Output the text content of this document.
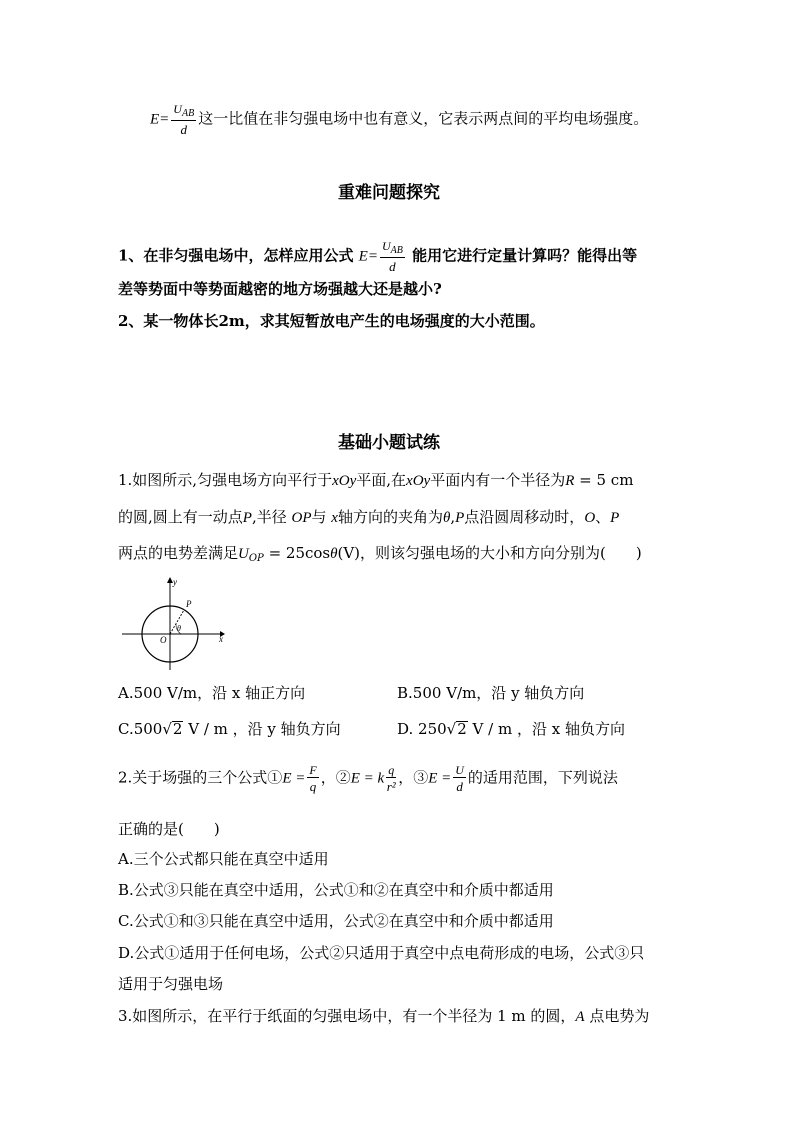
$E= \frac{U_{AB}}{d}$ 这一比值在非匀强电场中也有意义，它表示两点间的平均电场强度。
重难问题探究
1、在非匀强电场中，怎样应用公式 $E= \frac{U_{AB}}{d}$ 能用它进行定量计算吗？能得出等
差等势面中等势面越密的地方场强越大还是越小?
2、某一物体长2m，求其短暂放电产生的电场强度的大小范围。
基础小题试练
1.如图所示,匀强电场方向平行于xOy平面,在xOy平面内有一个半径为R = 5 cm
的圆,圆上有一动点P,半径 OP与 x轴方向的夹角为θ,P点沿圆周移动时，O、P
两点的电势差满足$U_{OP} = 25\cos\theta(V)$，则该匀强电场的大小和方向分别为(　　)
y
x
O
P
θ
A.500 V/m，沿 x 轴正方向	B.500 V/m，沿 y 轴负方向
C.500√2 V / m ，沿 y 轴负方向	D. 250√2 V / m ，沿 x 轴负方向
2.关于场强的三个公式①E = $\frac{F}{q}$ ，②E = k $\frac{q}{\text{r²}}$ ，③E = $\frac{U}{d}$ 的适用范围，下列说法
正确的是(　　)
A.三个公式都只能在真空中适用
B.公式③只能在真空中适用，公式①和②在真空中和介质中都适用
C.公式①和③只能在真空中适用，公式②在真空中和介质中都适用
D.公式①适用于任何电场，公式②只适用于真空中点电荷形成的电场，公式③只
适用于匀强电场
3.如图所示，在平行于纸面的匀强电场中，有一个半径为 1 m 的圆，A 点电势为
